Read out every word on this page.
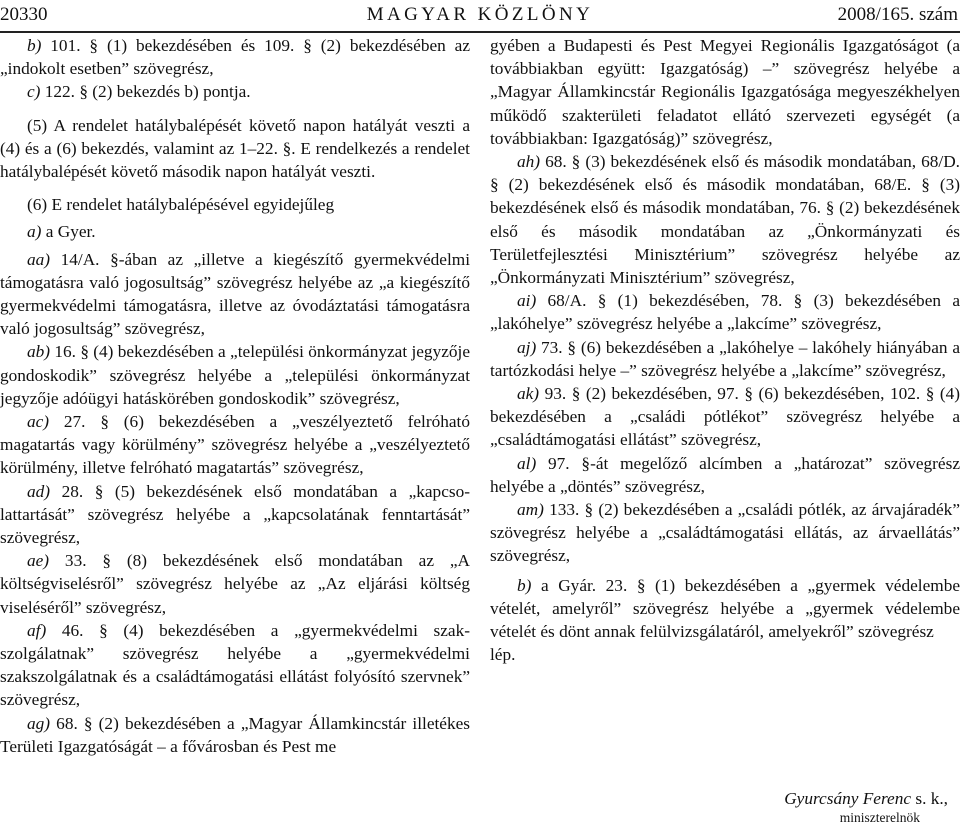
20330	MAGYAR KÖZLÖNY	2008/165. szám

b) 101. § (1) bekezdésében és 109. § (2) bekezdésében az „indokolt esetben” szövegrész,

c) 122. § (2) bekezdés b) pontja.

(5) A rendelet hatálybalépését követő napon hatályát veszti a (4) és a (6) bekezdés, valamint az 1–22. §. E rendelkezés a rendelet hatálybalépését követő második napon hatályát veszti.

(6) E rendelet hatálybalépésével egyidejűleg

a) a Gyer.

aa) 14/A. §-ában az „illetve a kiegészítő gyermekvédelmi támogatásra való jogosultság” szövegrész helyébe az „a kiegészítő gyermekvédelmi támogatásra, illetve az óvodáztatási támogatásra való jogosultság” szövegrész,

ab) 16. § (4) bekezdésében a „települési önkormányzat jegyzője gondoskodik” szövegrész helyébe a „települési önkormányzat jegyzője adóügyi hatáskörében gondoskodik” szövegrész,

ac) 27. § (6) bekezdésében a „veszélyeztető felróható magatartás vagy körülmény” szövegrész helyébe a „veszélyeztető körülmény, illetve felróható magatartás” szövegrész,

ad) 28. § (5) bekezdésének első mondatában a „kapcsolattartását” szövegrész helyébe a „kapcsolatának fenntartását” szövegrész,

ae) 33. § (8) bekezdésének első mondatában az „A költségviselésről” szövegrész helyébe az „Az eljárási költség viseléséről” szövegrész,

af) 46. § (4) bekezdésében a „gyermekvédelmi szakszolgálatnak” szövegrész helyébe a „gyermekvédelmi szakszolgálatnak és a családtámogatási ellátást folyósító szervnek” szövegrész,

ag) 68. § (2) bekezdésében a „Magyar Államkincstár illetékes Területi Igazgatóságát – a fővárosban és Pest me

gyében a Budapesti és Pest Megyei Regionális Igazgatóságot (a továbbiakban együtt: Igazgatóság) –” szövegrész helyébe a „Magyar Államkincstár Regionális Igazgatósága megyeszékhelyen működő szakterületi feladatot ellátó szervezeti egységét (a továbbiakban: Igazgatóság)” szövegrész,

ah) 68. § (3) bekezdésének első és második mondatában, 68/D. § (2) bekezdésének első és második mondatában, 68/E. § (3) bekezdésének első és második mondatában, 76. § (2) bekezdésének első és második mondatában az „Önkormányzati és Területfejlesztési Minisztérium” szövegrész helyébe az „Önkormányzati Minisztérium” szövegrész,

ai) 68/A. § (1) bekezdésében, 78. § (3) bekezdésében a „lakóhelye” szövegrész helyébe a „lakcíme” szövegrész,

aj) 73. § (6) bekezdésében a „lakóhelye – lakóhely hiányában a tartózkodási helye –” szövegrész helyébe a „lakcíme” szövegrész,

ak) 93. § (2) bekezdésében, 97. § (6) bekezdésében, 102. § (4) bekezdésében a „családi pótlékot” szövegrész helyébe a „családtámogatási ellátást” szövegrész,

al) 97. §-át megelőző alcímben a „határozat” szövegrész helyébe a „döntés” szövegrész,

am) 133. § (2) bekezdésében a „családi pótlék, az árvajáradék” szövegrész helyébe a „családtámogatási ellátás, az árvaellátás” szövegrész,

b) a Gyár. 23. § (1) bekezdésében a „gyermek védelembe vételét, amelyről” szövegrész helyébe a „gyermek védelembe vételét és dönt annak felülvizsgálatáról, amelyekről” szövegrész

lép.

Gyurcsány Ferenc s. k.,
miniszterelnök
